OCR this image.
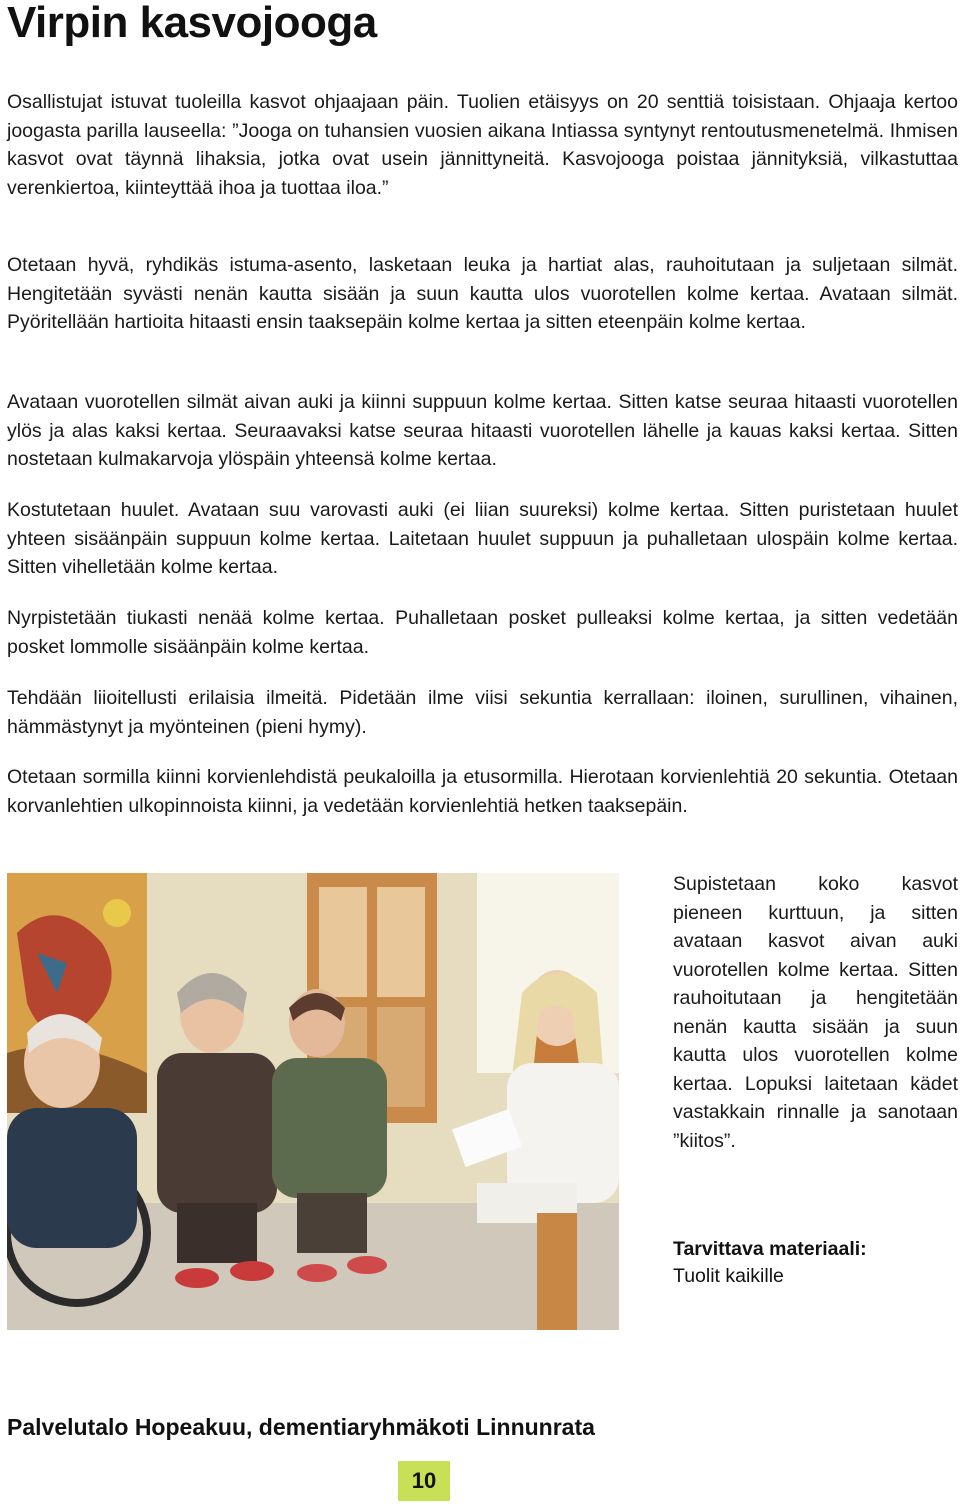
Virpin kasvojooga

Osallistujat istuvat tuoleilla kasvot ohjaajaan päin. Tuolien etäisyys on 20 senttiä toisistaan. Ohjaaja kertoo joogasta parilla lauseella: ”Jooga on tuhansien vuosien aikana Intiassa syntynyt rentoutusmenetelmä. Ihmisen kasvot ovat täynnä lihaksia, jotka ovat usein jännittyneitä. Kasvojooga poistaa jännityksiä, vilkastuttaa verenkiertoa, kiinteyttää ihoa ja tuottaa iloa.”

Otetaan hyvä, ryhdikäs istuma-asento, lasketaan leuka ja hartiat alas, rauhoitutaan ja suljetaan silmät. Hengitetään syvästi nenän kautta sisään ja suun kautta ulos vuorotellen kolme kertaa. Avataan silmät. Pyöritellään hartioita hitaasti ensin taaksepäin kolme kertaa ja sitten eteenpäin kolme kertaa.

Avataan vuorotellen silmät aivan auki ja kiinni suppuun kolme kertaa. Sitten katse seuraa hitaasti vuorotellen ylös ja alas kaksi kertaa. Seuraavaksi katse seuraa hitaasti vuorotellen lähelle ja kauas kaksi kertaa. Sitten nostetaan kulmakarvoja ylöspäin yhteensä kolme kertaa.

Kostutetaan huulet. Avataan suu varovasti auki (ei liian suureksi) kolme kertaa. Sitten puristetaan huulet yhteen sisäänpäin suppuun kolme kertaa. Laitetaan huulet suppuun ja puhalletaan ulospäin kolme kertaa. Sitten vihelletään kolme kertaa.

Nyrpistetään tiukasti nenää kolme kertaa. Puhalletaan posket pulleaksi kolme kertaa, ja sitten vedetään posket lommolle sisäänpäin kolme kertaa.

Tehdään liioitellusti erilaisia ilmeitä. Pidetään ilme viisi sekuntia kerrallaan: iloinen, surullinen, vihainen, hämmästynyt ja myönteinen (pieni hymy).

Otetaan sormilla kiinni korvienlehdistä peukaloilla ja etusormilla. Hierotaan korvienlehtiä 20 sekuntia. Otetaan korvanlehtien ulkopinnoista kiinni, ja vedetään korvienlehtiä hetken taaksepäin.

Supistetaan koko kasvot pieneen kurttuun, ja sitten avataan kasvot aivan auki vuorotellen kolme kertaa. Sitten rauhoitutaan ja hengitetään nenän kautta sisään ja suun kautta ulos vuorotellen kolme kertaa. Lopuksi laitetaan kädet vastakkain rinnalle ja sanotaan ”kiitos”.

Tarvittava materiaali:

Tuolit kaikille

Palvelutalo Hopeakuu, dementiaryhmäkoti Linnunrata

10
